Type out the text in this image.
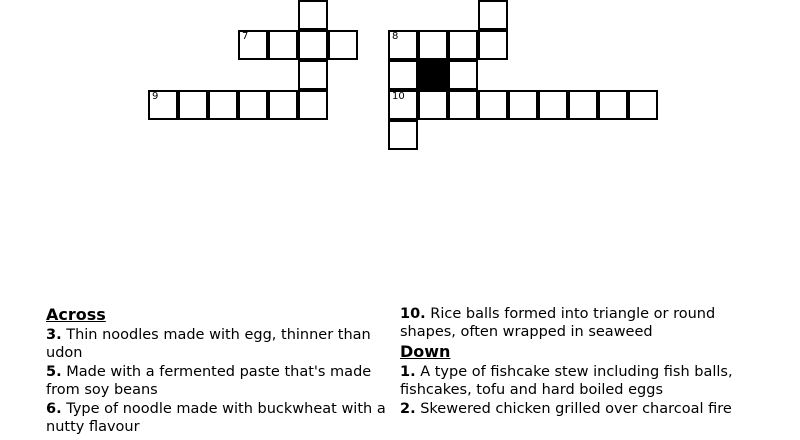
7	8
9	10
Across

3. Thin noodles made with egg, thinner than udon

5. Made with a fermented paste that's made from soy beans

6. Type of noodle made with buckwheat with a nutty flavour

10. Rice balls formed into triangle or round shapes, often wrapped in seaweed

Down

1. A type of fishcake stew including fish balls, fishcakes, tofu and hard boiled eggs

2. Skewered chicken grilled over charcoal fire
